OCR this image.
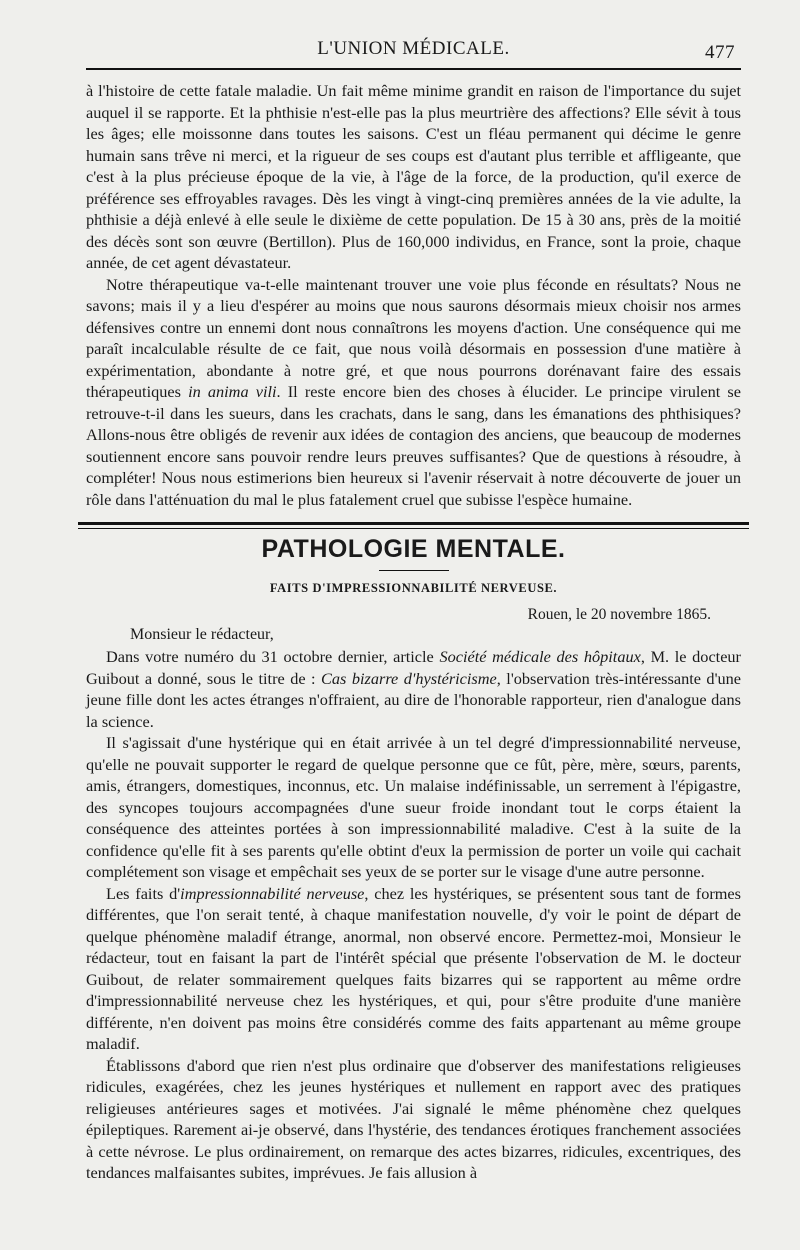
L'UNION MÉDICALE.	477

à l'histoire de cette fatale maladie. Un fait même minime grandit en raison de l'importance du sujet auquel il se rapporte. Et la phthisie n'est-elle pas la plus meurtrière des affections? Elle sévit à tous les âges; elle moissonne dans toutes les saisons. C'est un fléau permanent qui décime le genre humain sans trêve ni merci, et la rigueur de ses coups est d'autant plus terrible et affligeante, que c'est à la plus précieuse époque de la vie, à l'âge de la force, de la production, qu'il exerce de préférence ses effroyables ravages. Dès les vingt à vingt-cinq premières années de la vie adulte, la phthisie a déjà enlevé à elle seule le dixième de cette population. De 15 à 30 ans, près de la moitié des décès sont son œuvre (Bertillon). Plus de 160,000 individus, en France, sont la proie, chaque année, de cet agent dévastateur.

Notre thérapeutique va-t-elle maintenant trouver une voie plus féconde en résultats? Nous ne savons; mais il y a lieu d'espérer au moins que nous saurons désormais mieux choisir nos armes défensives contre un ennemi dont nous connaîtrons les moyens d'action. Une conséquence qui me paraît incalculable résulte de ce fait, que nous voilà désormais en possession d'une matière à expérimentation, abondante à notre gré, et que nous pourrons dorénavant faire des essais thérapeutiques in anima vili. Il reste encore bien des choses à élucider. Le principe virulent se retrouve-t-il dans les sueurs, dans les crachats, dans le sang, dans les émanations des phthisiques? Allons-nous être obligés de revenir aux idées de contagion des anciens, que beaucoup de modernes soutiennent encore sans pouvoir rendre leurs preuves suffisantes? Que de questions à résoudre, à compléter! Nous nous estimerions bien heureux si l'avenir réservait à notre découverte de jouer un rôle dans l'atténuation du mal le plus fatalement cruel que subisse l'espèce humaine.

PATHOLOGIE MENTALE.
FAITS D'IMPRESSIONNABILITÉ NERVEUSE.
Rouen, le 20 novembre 1865.
Monsieur le rédacteur,

Dans votre numéro du 31 octobre dernier, article Société médicale des hôpitaux, M. le docteur Guibout a donné, sous le titre de : Cas bizarre d'hystéricisme, l'observation très-intéressante d'une jeune fille dont les actes étranges n'offraient, au dire de l'honorable rapporteur, rien d'analogue dans la science.

Il s'agissait d'une hystérique qui en était arrivée à un tel degré d'impressionnabilité nerveuse, qu'elle ne pouvait supporter le regard de quelque personne que ce fût, père, mère, sœurs, parents, amis, étrangers, domestiques, inconnus, etc. Un malaise indéfinissable, un serrement à l'épigastre, des syncopes toujours accompagnées d'une sueur froide inondant tout le corps étaient la conséquence des atteintes portées à son impressionnabilité maladive. C'est à la suite de la confidence qu'elle fit à ses parents qu'elle obtint d'eux la permission de porter un voile qui cachait complétement son visage et empêchait ses yeux de se porter sur le visage d'une autre personne.

Les faits d'impressionnabilité nerveuse, chez les hystériques, se présentent sous tant de formes différentes, que l'on serait tenté, à chaque manifestation nouvelle, d'y voir le point de départ de quelque phénomène maladif étrange, anormal, non observé encore. Permettez-moi, Monsieur le rédacteur, tout en faisant la part de l'intérêt spécial que présente l'observation de M. le docteur Guibout, de relater sommairement quelques faits bizarres qui se rapportent au même ordre d'impressionnabilité nerveuse chez les hystériques, et qui, pour s'être produite d'une manière différente, n'en doivent pas moins être considérés comme des faits appartenant au même groupe maladif.

Établissons d'abord que rien n'est plus ordinaire que d'observer des manifestations religieuses ridicules, exagérées, chez les jeunes hystériques et nullement en rapport avec des pratiques religieuses antérieures sages et motivées. J'ai signalé le même phénomène chez quelques épileptiques. Rarement ai-je observé, dans l'hystérie, des tendances érotiques franchement associées à cette névrose. Le plus ordinairement, on remarque des actes bizarres, ridicules, excentriques, des tendances malfaisantes subites, imprévues. Je fais allusion à
